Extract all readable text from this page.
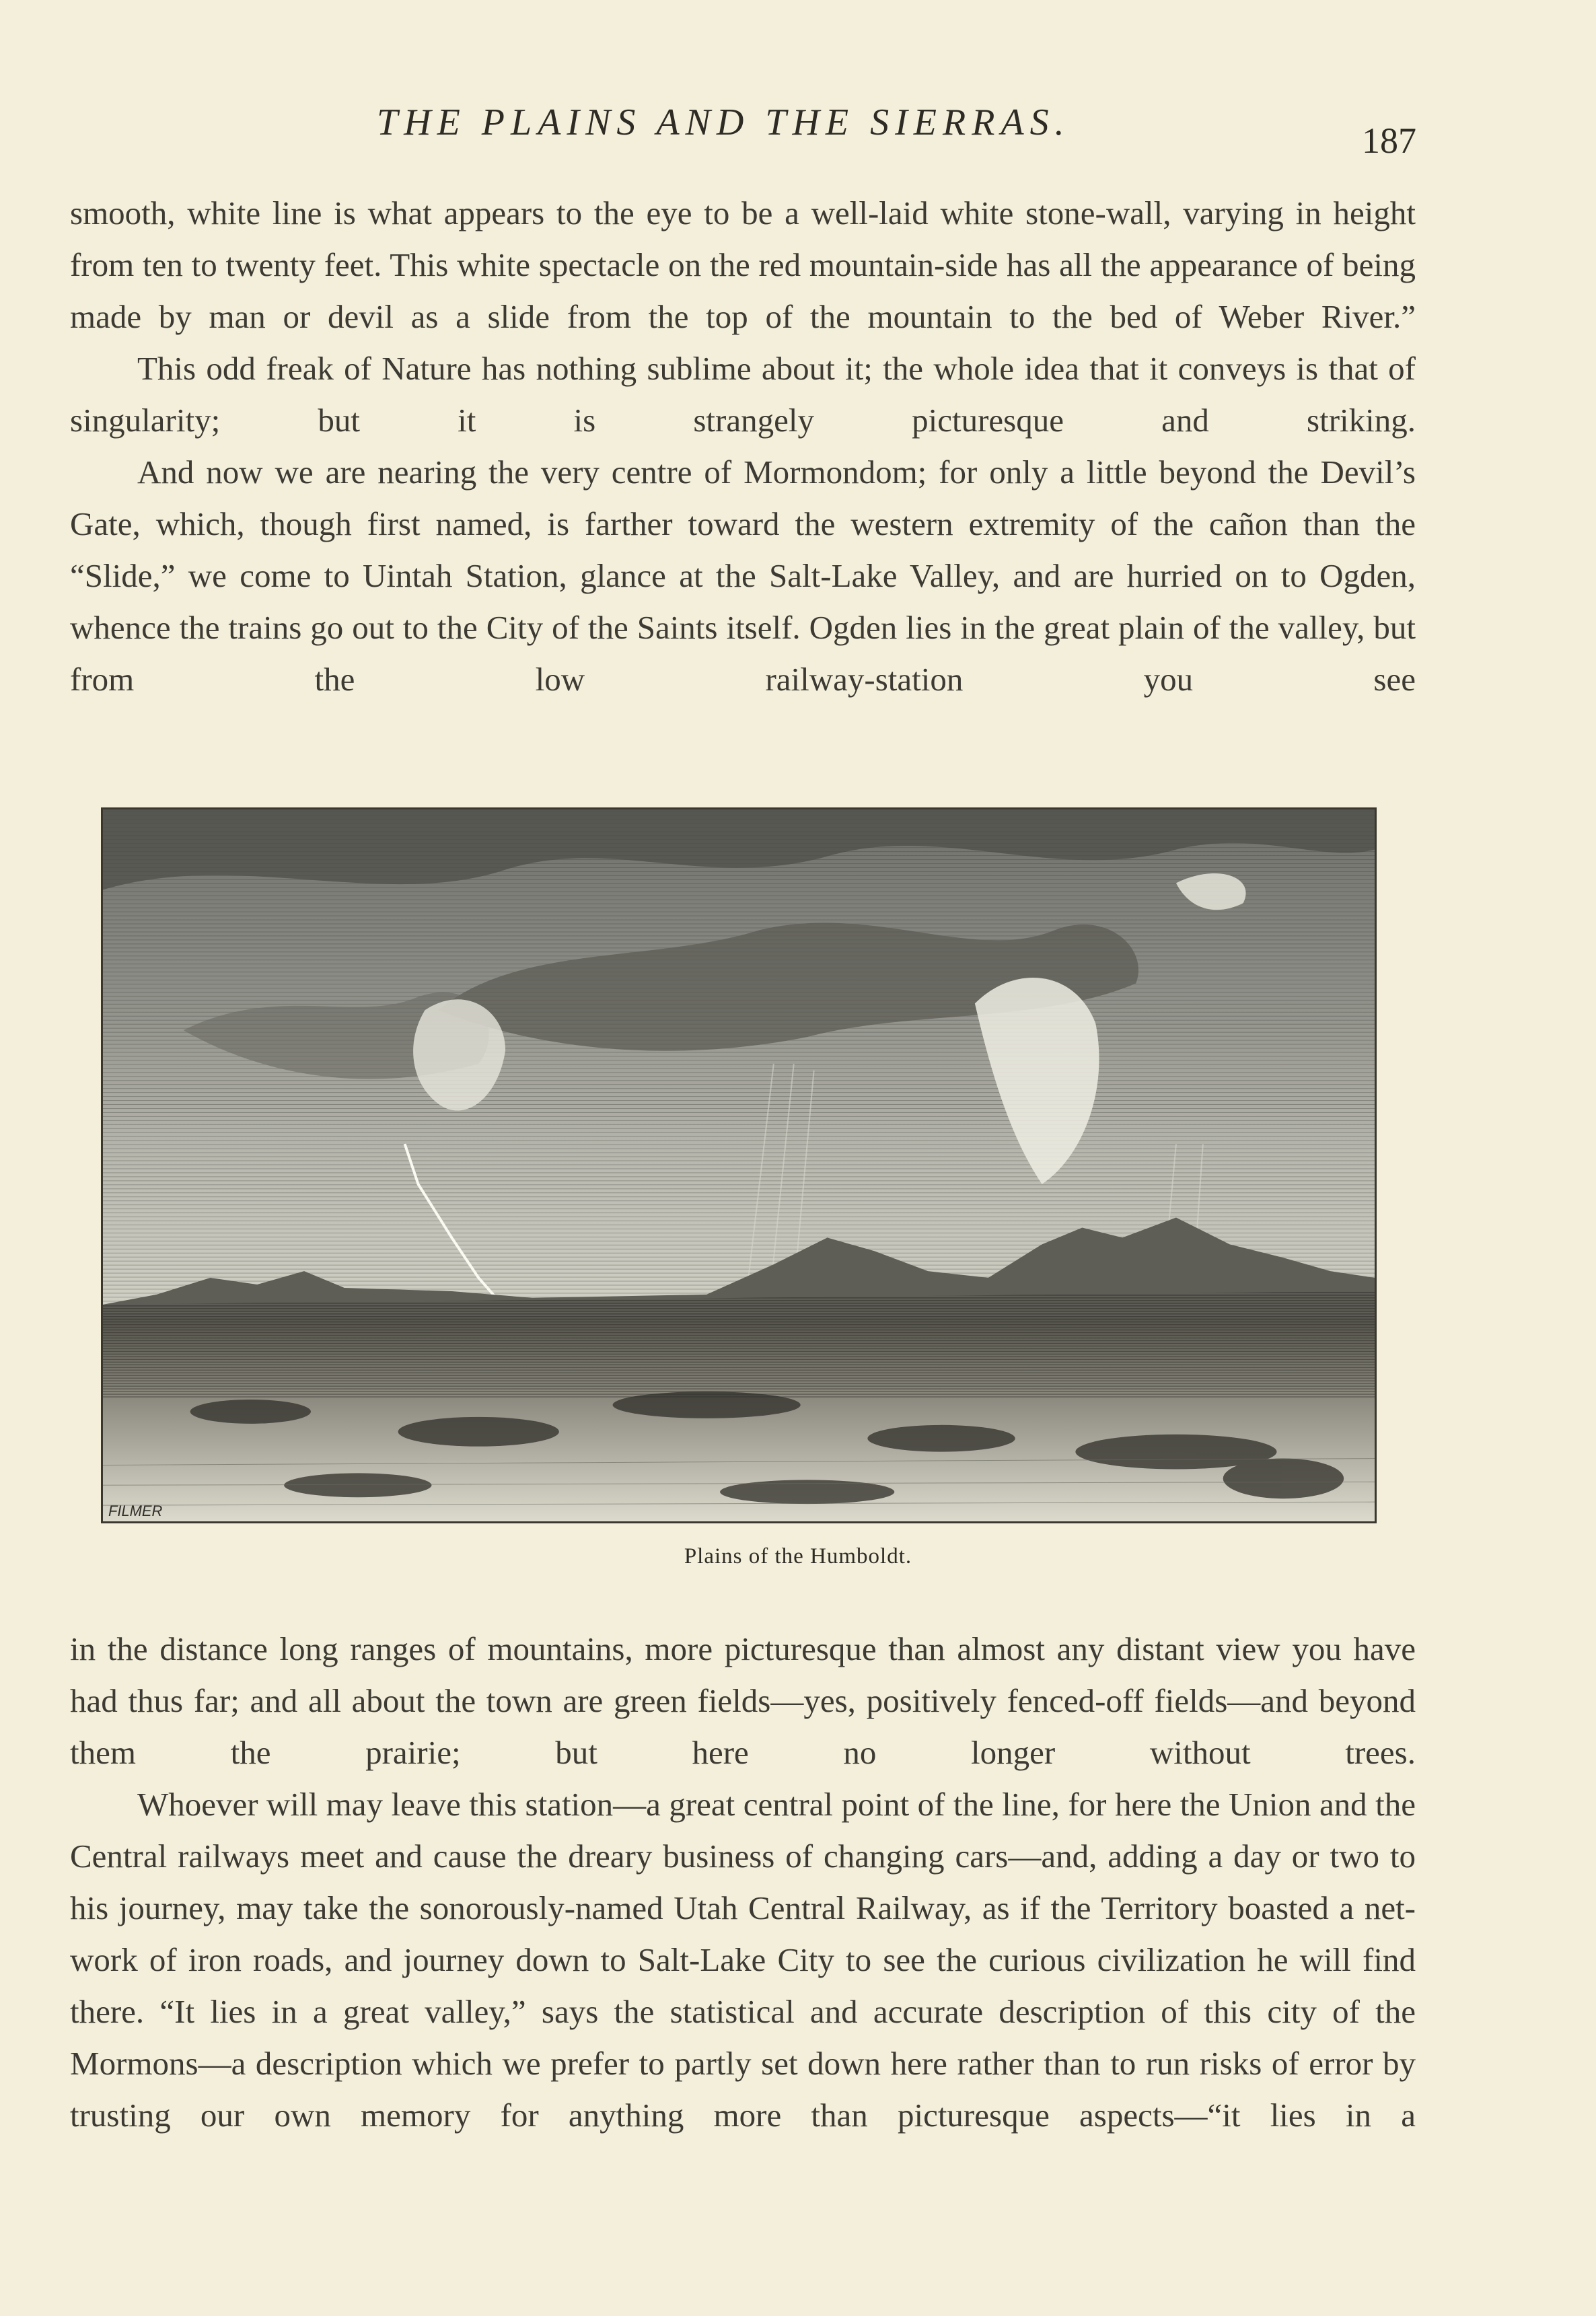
THE PLAINS AND THE SIERRAS.	187

smooth, white line is what appears to the eye to be a well-laid white stone-wall, varying in height from ten to twenty feet. This white spectacle on the red mountain-side has all the appearance of being made by man or devil as a slide from the top of the mountain to the bed of Weber River.”

This odd freak of Nature has nothing sublime about it; the whole idea that it conveys is that of singularity; but it is strangely picturesque and striking.

And now we are nearing the very centre of Mormondom; for only a little beyond the Devil’s Gate, which, though first named, is farther toward the western extremity of the cañon than the “Slide,” we come to Uintah Station, glance at the Salt-Lake Valley, and are hurried on to Ogden, whence the trains go out to the City of the Saints itself. Ogden lies in the great plain of the valley, but from the low railway-station you see

FILMER
Plains of the Humboldt.

in the distance long ranges of mountains, more picturesque than almost any distant view you have had thus far; and all about the town are green fields—yes, positively fenced-off fields—and beyond them the prairie; but here no longer without trees.

Whoever will may leave this station—a great central point of the line, for here the Union and the Central railways meet and cause the dreary business of changing cars—and, adding a day or two to his journey, may take the sonorously-named Utah Central Railway, as if the Territory boasted a net-work of iron roads, and journey down to Salt-Lake City to see the curious civilization he will find there. “It lies in a great valley,” says the statistical and accurate description of this city of the Mormons—a description which we prefer to partly set down here rather than to run risks of error by trusting our own memory for anything more than picturesque aspects—“it lies in a
